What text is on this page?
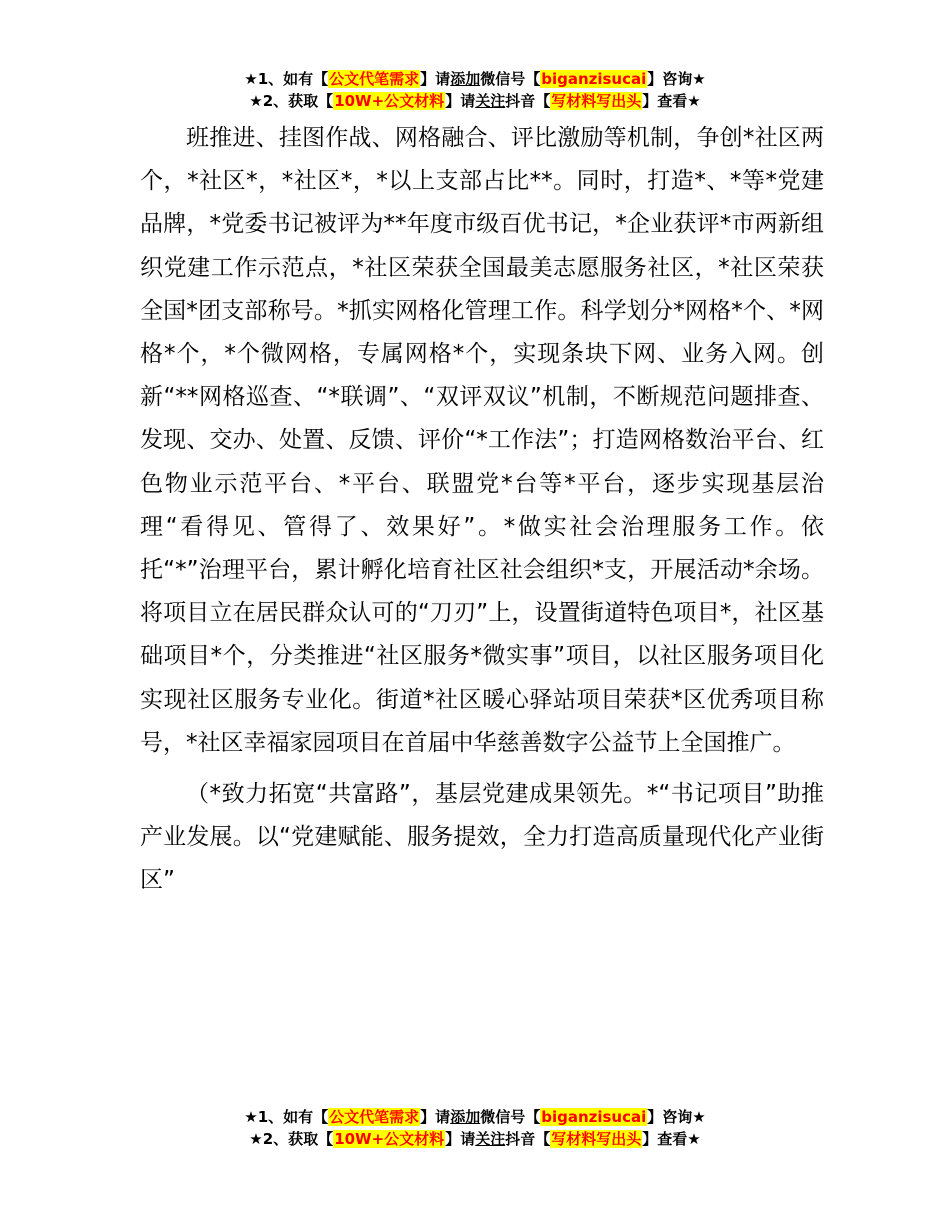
★1、如有【公文代笔需求】请添加微信号【biganzisucai】咨询★
★2、获取【10W+公文材料】请关注抖音【写材料写出头】查看★

班推进、挂图作战、网格融合、评比激励等机制，争创*社区两个，*社区*，*社区*，*以上支部占比**。同时，打造*、*等*党建品牌，*党委书记被评为**年度市级百优书记，*企业获评*市两新组织党建工作示范点，*社区荣获全国最美志愿服务社区，*社区荣获全国*团支部称号。*抓实网格化管理工作。科学划分*网格*个、*网格*个，*个微网格，专属网格*个，实现条块下网、业务入网。创新“**网格巡查、“*联调”、“双评双议”机制，不断规范问题排查、发现、交办、处置、反馈、评价“*工作法”；打造网格数治平台、红色物业示范平台、*平台、联盟党*台等*平台，逐步实现基层治理“看得见、管得了、效果好”。*做实社会治理服务工作。依托“*”治理平台，累计孵化培育社区社会组织*支，开展活动*余场。将项目立在居民群众认可的“刀刃”上，设置街道特色项目*，社区基础项目*个，分类推进“社区服务*微实事”项目，以社区服务项目化实现社区服务专业化。街道*社区暖心驿站项目荣获*区优秀项目称号，*社区幸福家园项目在首届中华慈善数字公益节上全国推广。

（*致力拓宽“共富路”，基层党建成果领先。*“书记项目”助推产业发展。以“党建赋能、服务提效，全力打造高质量现代化产业街区”

★1、如有【公文代笔需求】请添加微信号【biganzisucai】咨询★
★2、获取【10W+公文材料】请关注抖音【写材料写出头】查看★
